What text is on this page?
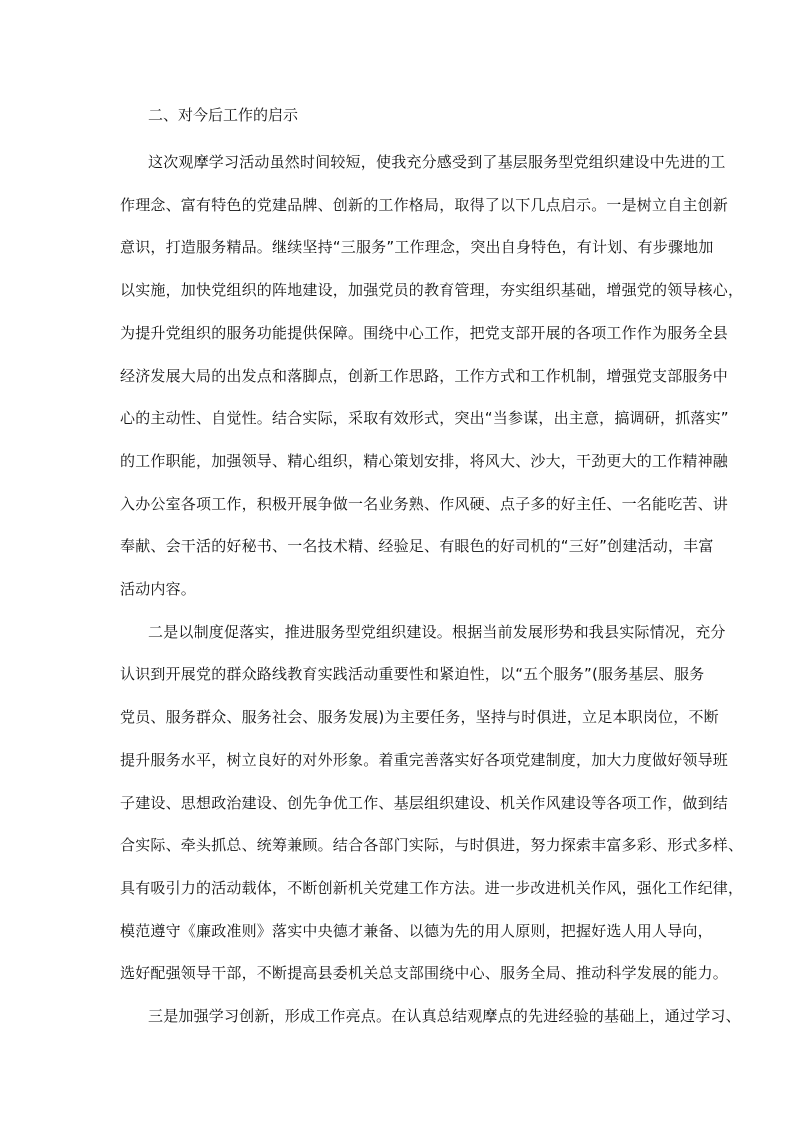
二、对今后工作的启示
这次观摩学习活动虽然时间较短，使我充分感受到了基层服务型党组织建设中先进的工
作理念、富有特色的党建品牌、创新的工作格局，取得了以下几点启示。一是树立自主创新
意识，打造服务精品。继续坚持“三服务”工作理念，突出自身特色，有计划、有步骤地加
以实施，加快党组织的阵地建设，加强党员的教育管理，夯实组织基础，增强党的领导核心，
为提升党组织的服务功能提供保障。围绕中心工作，把党支部开展的各项工作作为服务全县
经济发展大局的出发点和落脚点，创新工作思路，工作方式和工作机制，增强党支部服务中
心的主动性、自觉性。结合实际，采取有效形式，突出“当参谋，出主意，搞调研，抓落实”
的工作职能，加强领导、精心组织，精心策划安排，将风大、沙大，干劲更大的工作精神融
入办公室各项工作，积极开展争做一名业务熟、作风硬、点子多的好主任、一名能吃苦、讲
奉献、会干活的好秘书、一名技术精、经验足、有眼色的好司机的“三好”创建活动，丰富
活动内容。
二是以制度促落实，推进服务型党组织建设。根据当前发展形势和我县实际情况，充分
认识到开展党的群众路线教育实践活动重要性和紧迫性，以“五个服务”(服务基层、服务
党员、服务群众、服务社会、服务发展)为主要任务，坚持与时俱进，立足本职岗位，不断
提升服务水平，树立良好的对外形象。着重完善落实好各项党建制度，加大力度做好领导班
子建设、思想政治建设、创先争优工作、基层组织建设、机关作风建设等各项工作，做到结
合实际、牵头抓总、统筹兼顾。结合各部门实际，与时俱进，努力探索丰富多彩、形式多样、
具有吸引力的活动载体，不断创新机关党建工作方法。进一步改进机关作风，强化工作纪律，
模范遵守《廉政准则》落实中央德才兼备、以德为先的用人原则，把握好选人用人导向，
选好配强领导干部，不断提高县委机关总支部围绕中心、服务全局、推动科学发展的能力。
三是加强学习创新，形成工作亮点。在认真总结观摩点的先进经验的基础上，通过学习、
